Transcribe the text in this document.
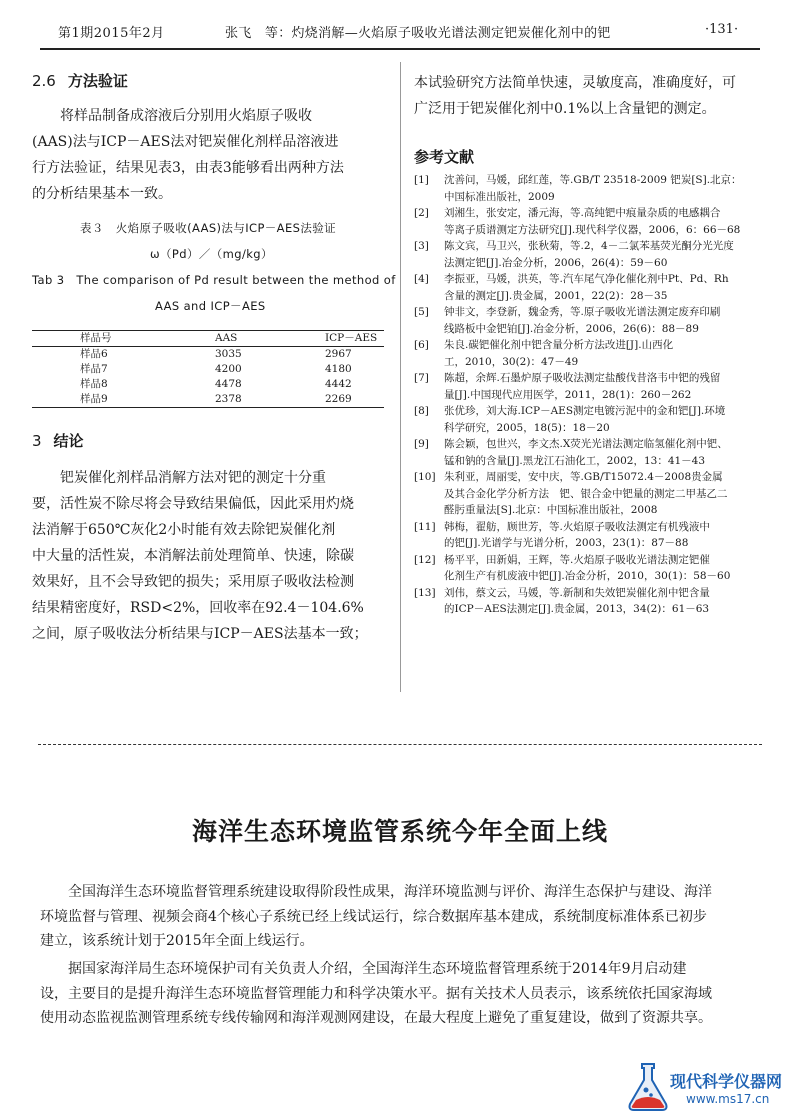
第1期2015年2月	张飞　等：灼烧消解—火焰原子吸收光谱法测定钯炭催化剂中的钯	·131·
2.6 方法验证
　　将样品制备成溶液后分别用火焰原子吸收
(AAS)法与ICP－AES法对钯炭催化剂样品溶液进
行方法验证，结果见表3，由表3能够看出两种方法
的分析结果基本一致。
表３　火焰原子吸收(AAS)法与ICP－AES法验证
ω（Pd）／（mg/kg）
Tab 3　The comparison of Pd result between the method of
AAS and ICP－AES
样品号	AAS	ICP－AES
样品6	3035	2967
样品7	4200	4180
样品8	4478	4442
样品9	2378	2269
3 结论
　　钯炭催化剂样品消解方法对钯的测定十分重
要，活性炭不除尽将会导致结果偏低，因此采用灼烧
法消解于650℃灰化2小时能有效去除钯炭催化剂
中大量的活性炭，本消解法前处理简单、快速，除碳
效果好，且不会导致钯的损失；采用原子吸收法检测
结果精密度好，RSD<2%，回收率在92.4－104.6%
之间，原子吸收法分析结果与ICP－AES法基本一致；
本试验研究方法简单快速，灵敏度高，准确度好，可
广泛用于钯炭催化剂中0.1%以上含量钯的测定。
参考文献
[1]	沈善问，马媛，邱红莲，等.GB/T 23518-2009 钯炭[S].北京：
中国标准出版社，2009
[2]	刘湘生，张安定，潘元海，等.高纯钯中痕量杂质的电感耦合
等离子质谱测定方法研究[J].现代科学仪器，2006，6：66－68
[3]	陈文宾，马卫兴，张秋菊，等.2，4－二氯苯基荧光酮分光光度
法测定钯[J].冶金分析，2006，26(4)：59－60
[4]	李振亚，马媛，洪英，等.汽车尾气净化催化剂中Pt、Pd、Rh
含量的测定[J].贵金属，2001，22(2)：28－35
[5]	钟非文，李登新，魏金秀，等.原子吸收光谱法测定废弃印刷
线路板中金钯铂[J].冶金分析，2006，26(6)：88－89
[6]	朱良.碳钯催化剂中钯含量分析方法改进[J].山西化
工，2010，30(2)：47－49
[7]	陈超，余辉.石墨炉原子吸收法测定盐酸伐昔洛韦中钯的残留
量[J].中国现代应用医学，2011，28(1)：260－262
[8]	张优珍，刘大海.ICP－AES测定电镀污泥中的金和钯[J].环境
科学研究，2005，18(5)：18－20
[9]	陈会颖，包世兴，李文杰.X荧光光谱法测定临氢催化剂中钯、
锰和钠的含量[J].黑龙江石油化工，2002，13：41－43
[10] 朱利亚，周丽雯，安中庆，等.GB/T15072.4－2008贵金属
及其合金化学分析方法　钯、银合金中钯量的测定二甲基乙二
醛肟重量法[S].北京：中国标准出版社，2008
[11] 韩梅，翟舫，顾世芳，等.火焰原子吸收法测定有机残液中
的钯[J].光谱学与光谱分析，2003，23(1)：87－88
[12] 杨平平，田新娟，王辉，等.火焰原子吸收光谱法测定钯催
化剂生产有机废液中钯[J].冶金分析，2010，30(1)：58－60
[13] 刘伟，蔡文云，马媛，等.新制和失效钯炭催化剂中钯含量
的ICP－AES法测定[J].贵金属，2013，34(2)：61－63
海洋生态环境监管系统今年全面上线
　　全国海洋生态环境监督管理系统建设取得阶段性成果，海洋环境监测与评价、海洋生态保护与建设、海洋
环境监督与管理、视频会商4个核心子系统已经上线试运行，综合数据库基本建成，系统制度标准体系已初步
建立，该系统计划于2015年全面上线运行。
　　据国家海洋局生态环境保护司有关负责人介绍，全国海洋生态环境监督管理系统于2014年9月启动建
设，主要目的是提升海洋生态环境监督管理能力和科学决策水平。据有关技术人员表示，该系统依托国家海域
使用动态监视监测管理系统专线传输网和海洋观测网建设，在最大程度上避免了重复建设，做到了资源共享。
现代科学仪器网
www.ms17.cn
